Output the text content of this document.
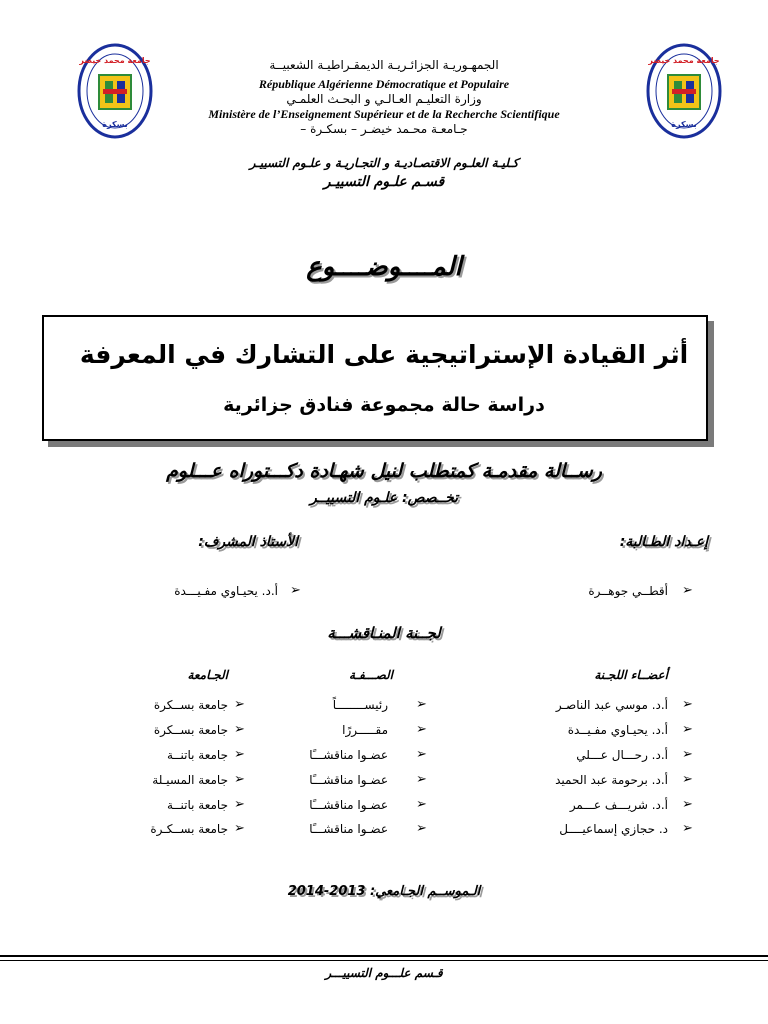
جامعة محمد خيضر
بسكرة
جامعة محمد خيضر
بسكرة
الجمهـوريـة الجزائـريـة الديمقـراطيـة الشعبيــة
République Algérienne Démocratique et Populaire
وزارة التعليـم العـالـي و البحـث العلمـي
Ministère de l’Enseignement Supérieur et de la Recherche Scientifique
جـامعـة محـمد خيضـر – بسكـرة –
كـليـة العلـوم الاقتصـاديـة و التجـاريـة و علـوم التسييـر
قسـم علـوم التسييـر
المــــوضــــوع
أثر القيادة الإستراتيجية على التشارك في المعرفة
دراسة حالة مجموعة فنادق جزائرية
رســالة مقدمـة كمتطلب لنيل شهـادة دكـــتوراه عـــلوم
تخــصص: علـوم التسييــر
إعـداد الطـالبة:
الأستاذ المشرف:
➢
أقطــي جوهــرة
➢
أ.د. يحيـاوي مفـيـــدة
لجــنة المنـاقشـــة
أعضــاء اللجـنة
الصـــفـة
الجـامعة
➢
أ.د. موسي عبد الناصـر
➢
رئيســــــــاً
➢
جامعة بســكرة
➢
أ.د. يحيـاوي مفـيــدة
➢
مقـــــررًا
➢
جامعة بســكرة
➢
أ.د. رحـــال عـــلي
➢
عضـوا مناقشـــًا
➢
جامعة باتنــة
➢
أ.د. برحومة عبد الحميد
➢
عضـوا مناقشـــًا
➢
جامعة المسيـلة
➢
أ.د. شريـــف عـــمر
➢
عضـوا مناقشـــًا
➢
جامعة باتنــة
➢
د. حجازي إسماعيــــل
➢
عضـوا مناقشـــًا
➢
جامعة بســكـرة
الـموســم الجـامعي: 2013-2014
قـسم علـــوم التسييـــر
